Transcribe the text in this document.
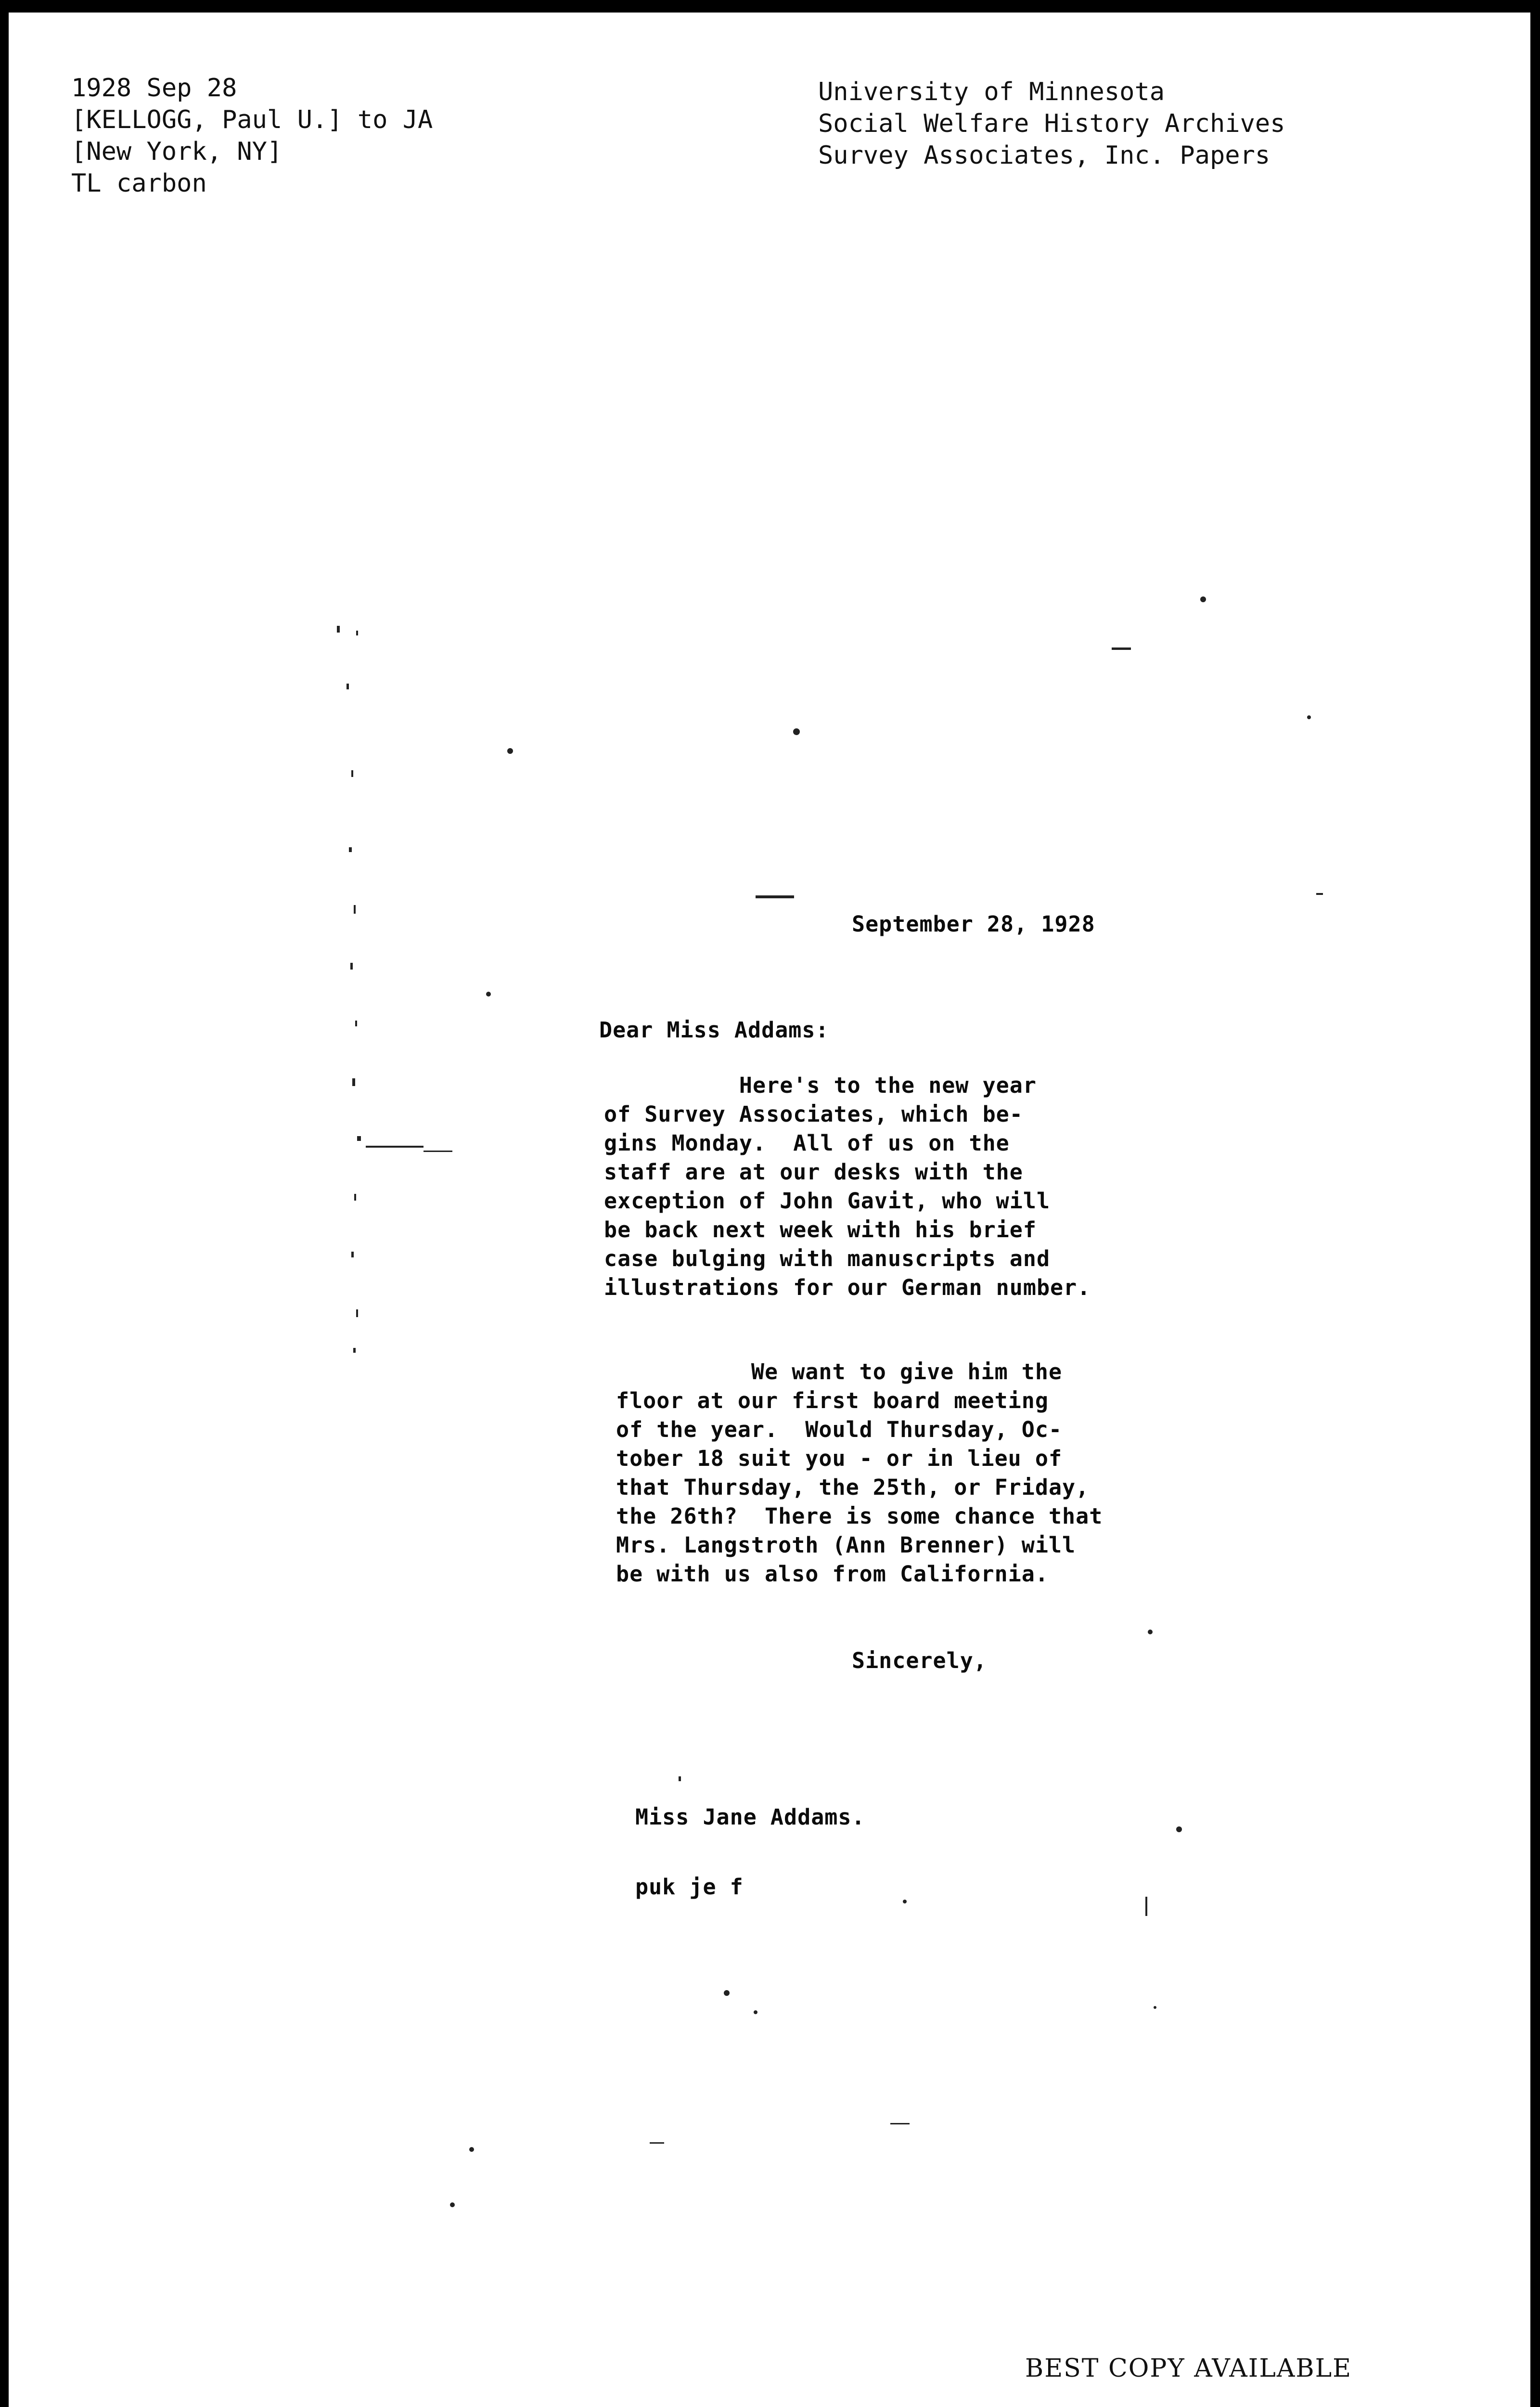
1928 Sep 28
[KELLOGG, Paul U.] to JA
[New York, NY]
TL carbon
University of Minnesota
Social Welfare History Archives
Survey Associates, Inc. Papers
September 28, 1928
Dear Miss Addams:
Here's to the new year
of Survey Associates, which be-
gins Monday.  All of us on the
staff are at our desks with the
exception of John Gavit, who will
be back next week with his brief
case bulging with manuscripts and
illustrations for our German number.
We want to give him the
floor at our first board meeting
of the year.  Would Thursday, Oc-
tober 18 suit you - or in lieu of
that Thursday, the 25th, or Friday,
the 26th?  There is some chance that
Mrs. Langstroth (Ann Brenner) will
be with us also from California.
Sincerely,
Miss Jane Addams.
puk je f
BEST COPY AVAILABLE
